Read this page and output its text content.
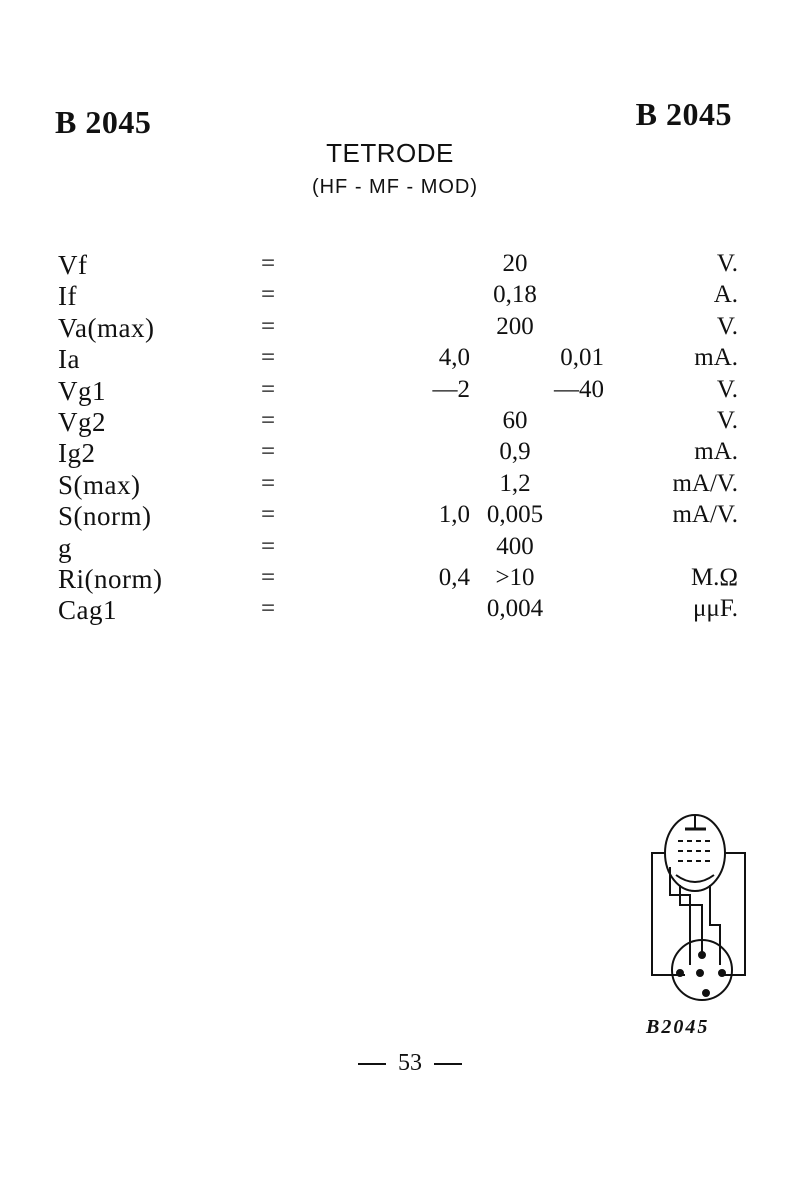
B 2045	B 2045
TETRODE
(HF - MF - MOD)
Vf	=	20	V.
If	=	0,18	A.
Va(max)	=	200	V.
Ia	=	4,0	0,01	mA.
Vg1	=	—2	—40	V.
Vg2	=	60	V.
Ig2	=	0,9	mA.
S(max)	=	1,2	mA/V.
S(norm)	=	1,0 0,005	mA/V.
g	=	400
Ri(norm)	=	0,4	>10	M.Ω
Cag1	=	0,004	μμF.
B2045
53
